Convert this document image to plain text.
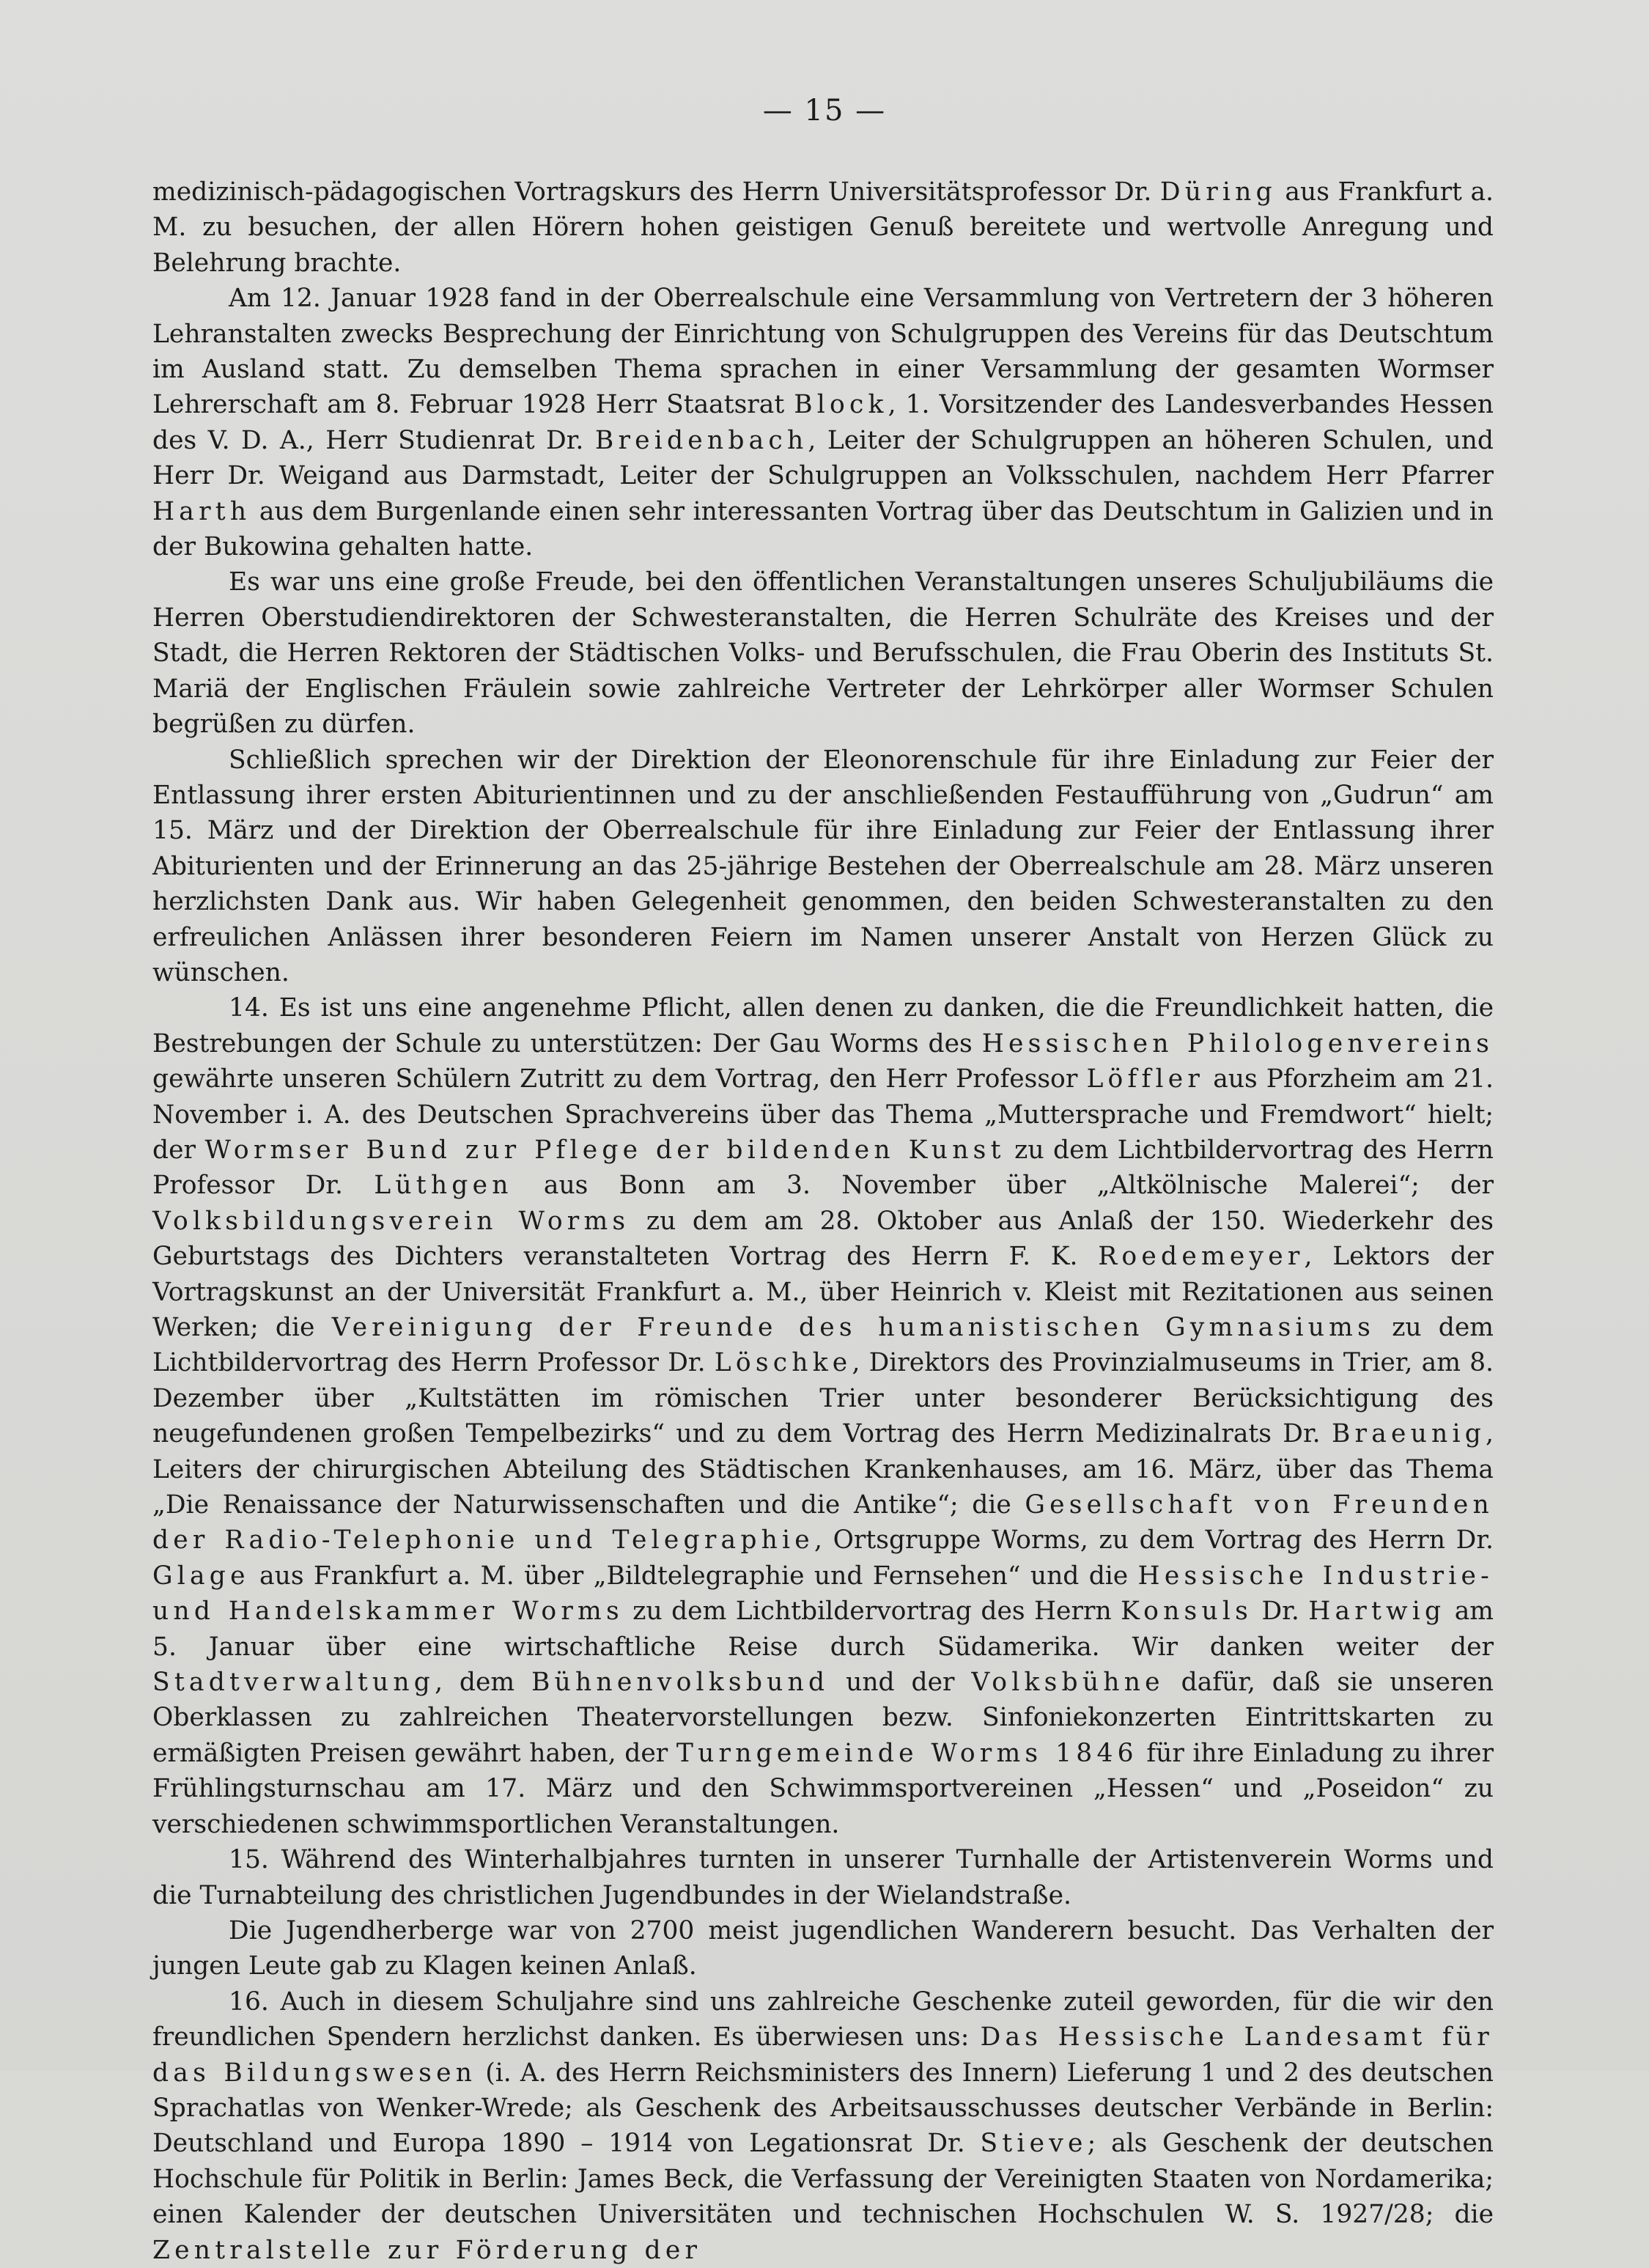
— 15 —

medizinisch-pädagogischen Vortragskurs des Herrn Universitätsprofessor Dr. Düring aus Frankfurt a. M. zu besuchen, der allen Hörern hohen geistigen Genuß bereitete und wertvolle Anregung und Belehrung brachte.

Am 12. Januar 1928 fand in der Oberrealschule eine Versammlung von Vertretern der 3 höheren Lehranstalten zwecks Besprechung der Einrichtung von Schulgruppen des Vereins für das Deutschtum im Ausland statt. Zu demselben Thema sprachen in einer Versammlung der gesamten Wormser Lehrerschaft am 8. Februar 1928 Herr Staatsrat Block, 1. Vorsitzender des Landesverbandes Hessen des V. D. A., Herr Studienrat Dr. Breidenbach, Leiter der Schulgruppen an höheren Schulen, und Herr Dr. Weigand aus Darmstadt, Leiter der Schulgruppen an Volksschulen, nachdem Herr Pfarrer Harth aus dem Burgenlande einen sehr interessanten Vortrag über das Deutschtum in Galizien und in der Bukowina gehalten hatte.

Es war uns eine große Freude, bei den öffentlichen Veranstaltungen unseres Schuljubiläums die Herren Oberstudiendirektoren der Schwesteranstalten, die Herren Schulräte des Kreises und der Stadt, die Herren Rektoren der Städtischen Volks- und Berufsschulen, die Frau Oberin des Instituts St. Mariä der Englischen Fräulein sowie zahlreiche Vertreter der Lehrkörper aller Wormser Schulen begrüßen zu dürfen.

Schließlich sprechen wir der Direktion der Eleonorenschule für ihre Einladung zur Feier der Entlassung ihrer ersten Abiturientinnen und zu der anschließenden Festaufführung von „Gudrun“ am 15. März und der Direktion der Oberrealschule für ihre Einladung zur Feier der Entlassung ihrer Abiturienten und der Erinnerung an das 25-jährige Bestehen der Oberrealschule am 28. März unseren herzlichsten Dank aus. Wir haben Gelegenheit genommen, den beiden Schwesteranstalten zu den erfreulichen Anlässen ihrer besonderen Feiern im Namen unserer Anstalt von Herzen Glück zu wünschen.

14. Es ist uns eine angenehme Pflicht, allen denen zu danken, die die Freundlichkeit hatten, die Bestrebungen der Schule zu unterstützen: Der Gau Worms des Hessischen Philologenvereins gewährte unseren Schülern Zutritt zu dem Vortrag, den Herr Professor Löffler aus Pforzheim am 21. November i. A. des Deutschen Sprachvereins über das Thema „Muttersprache und Fremdwort“ hielt; der Wormser Bund zur Pflege der bildenden Kunst zu dem Lichtbildervortrag des Herrn Professor Dr. Lüthgen aus Bonn am 3. November über „Altkölnische Malerei“; der Volksbildungsverein Worms zu dem am 28. Oktober aus Anlaß der 150. Wiederkehr des Geburtstags des Dichters veranstalteten Vortrag des Herrn F. K. Roedemeyer, Lektors der Vortragskunst an der Universität Frankfurt a. M., über Heinrich v. Kleist mit Rezitationen aus seinen Werken; die Vereinigung der Freunde des humanistischen Gymnasiums zu dem Lichtbildervortrag des Herrn Professor Dr. Löschke, Direktors des Provinzialmuseums in Trier, am 8. Dezember über „Kultstätten im römischen Trier unter besonderer Berücksichtigung des neugefundenen großen Tempelbezirks“ und zu dem Vortrag des Herrn Medizinalrats Dr. Braeunig, Leiters der chirurgischen Abteilung des Städtischen Krankenhauses, am 16. März, über das Thema „Die Renaissance der Naturwissenschaften und die Antike“; die Gesellschaft von Freunden der Radio-Telephonie und Telegraphie, Ortsgruppe Worms, zu dem Vortrag des Herrn Dr. Glage aus Frankfurt a. M. über „Bildtelegraphie und Fernsehen“ und die Hessische Industrie- und Handelskammer Worms zu dem Lichtbildervortrag des Herrn Konsuls Dr. Hartwig am 5. Januar über eine wirtschaftliche Reise durch Südamerika. Wir danken weiter der Stadtverwaltung, dem Bühnenvolksbund und der Volksbühne dafür, daß sie unseren Oberklassen zu zahlreichen Theatervorstellungen bezw. Sinfoniekonzerten Eintrittskarten zu ermäßigten Preisen gewährt haben, der Turngemeinde Worms 1846 für ihre Einladung zu ihrer Frühlingsturnschau am 17. März und den Schwimmsportvereinen „Hessen“ und „Poseidon“ zu verschiedenen schwimmsportlichen Veranstaltungen.

15. Während des Winterhalbjahres turnten in unserer Turnhalle der Artistenverein Worms und die Turnabteilung des christlichen Jugendbundes in der Wielandstraße.

Die Jugendherberge war von 2700 meist jugendlichen Wanderern besucht. Das Verhalten der jungen Leute gab zu Klagen keinen Anlaß.

16. Auch in diesem Schuljahre sind uns zahlreiche Geschenke zuteil geworden, für die wir den freundlichen Spendern herzlichst danken. Es überwiesen uns: Das Hessische Landesamt für das Bildungswesen (i. A. des Herrn Reichsministers des Innern) Lieferung 1 und 2 des deutschen Sprachatlas von Wenker-Wrede; als Geschenk des Arbeitsausschusses deutscher Verbände in Berlin: Deutschland und Europa 1890 – 1914 von Legationsrat Dr. Stieve; als Geschenk der deutschen Hochschule für Politik in Berlin: James Beck, die Verfassung der Vereinigten Staaten von Nordamerika; einen Kalender der deutschen Universitäten und technischen Hochschulen W. S. 1927/28; die Zentralstelle zur Förderung der
